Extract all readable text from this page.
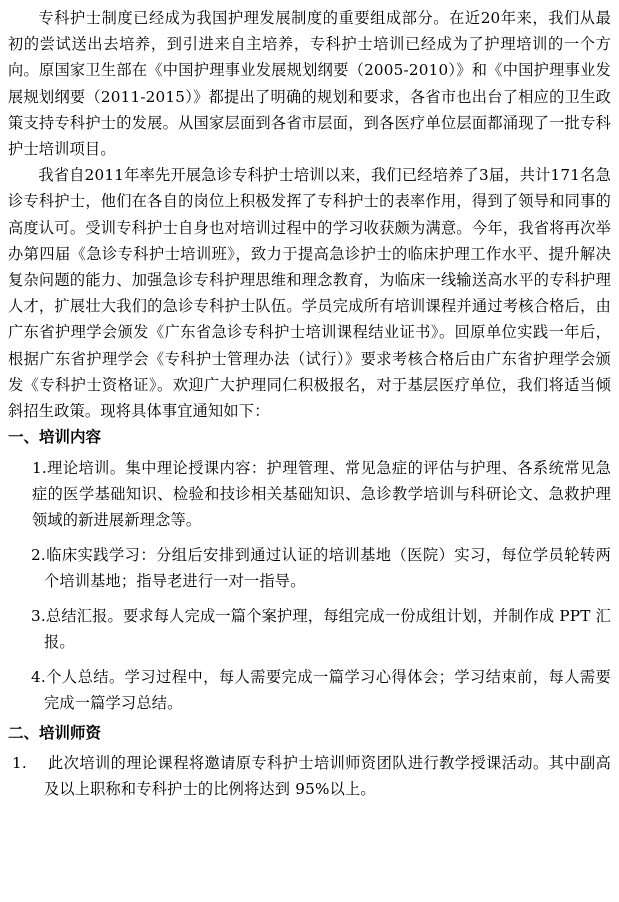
专科护士制度已经成为我国护理发展制度的重要组成部分。在近20年来，我们从最初的尝试送出去培养，到引进来自主培养，专科护士培训已经成为了护理培训的一个方向。原国家卫生部在《中国护理事业发展规划纲要（2005-2010）》和《中国护理事业发展规划纲要（2011-2015）》都提出了明确的规划和要求，各省市也出台了相应的卫生政策支持专科护士的发展。从国家层面到各省市层面，到各医疗单位层面都涌现了一批专科护士培训项目。

我省自2011年率先开展急诊专科护士培训以来，我们已经培养了3届，共计171名急诊专科护士，他们在各自的岗位上积极发挥了专科护士的表率作用，得到了领导和同事的高度认可。受训专科护士自身也对培训过程中的学习收获颇为满意。今年，我省将再次举办第四届《急诊专科护士培训班》，致力于提高急诊护士的临床护理工作水平、提升解决复杂问题的能力、加强急诊专科护理思维和理念教育，为临床一线输送高水平的专科护理人才，扩展壮大我们的急诊专科护士队伍。学员完成所有培训课程并通过考核合格后，由广东省护理学会颁发《广东省急诊专科护士培训课程结业证书》。回原单位实践一年后，根据广东省护理学会《专科护士管理办法（试行）》要求考核合格后由广东省护理学会颁发《专科护士资格证》。欢迎广大护理同仁积极报名，对于基层医疗单位，我们将适当倾斜招生政策。现将具体事宜通知如下：

一、培训内容

1.理论培训。集中理论授课内容：护理管理、常见急症的评估与护理、各系统常见急症的医学基础知识、检验和技诊相关基础知识、急诊教学培训与科研论文、急救护理领域的新进展新理念等。

2.临床实践学习：分组后安排到通过认证的培训基地（医院）实习，每位学员轮转两个培训基地；指导老进行一对一指导。

3.总结汇报。要求每人完成一篇个案护理，每组完成一份成组计划，并制作成 PPT 汇报。

4.个人总结。学习过程中，每人需要完成一篇学习心得体会；学习结束前，每人需要完成一篇学习总结。

二、培训师资

1. 此次培训的理论课程将邀请原专科护士培训师资团队进行教学授课活动。其中副高及以上职称和专科护士的比例将达到 95%以上。
